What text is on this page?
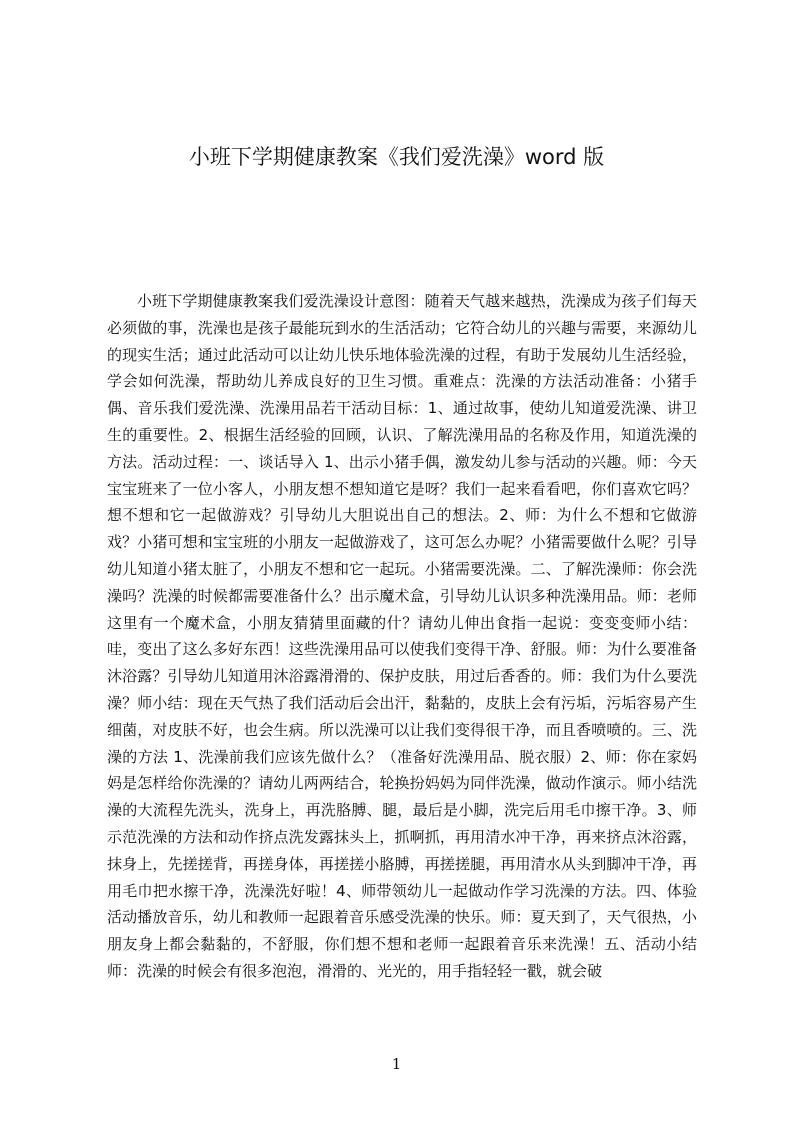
小班下学期健康教案《我们爱洗澡》word 版

小班下学期健康教案我们爱洗澡设计意图：随着天气越来越热，洗澡成为孩子们每天必须做的事，洗澡也是孩子最能玩到水的生活活动；它符合幼儿的兴趣与需要，来源幼儿的现实生活；通过此活动可以让幼儿快乐地体验洗澡的过程，有助于发展幼儿生活经验，学会如何洗澡，帮助幼儿养成良好的卫生习惯。重难点：洗澡的方法活动准备：小猪手偶、音乐我们爱洗澡、洗澡用品若干活动目标：1、通过故事，使幼儿知道爱洗澡、讲卫生的重要性。2、根据生活经验的回顾，认识、了解洗澡用品的名称及作用，知道洗澡的方法。活动过程：一、谈话导入 1、出示小猪手偶，激发幼儿参与活动的兴趣。师：今天宝宝班来了一位小客人，小朋友想不想知道它是呀？我们一起来看看吧，你们喜欢它吗？想不想和它一起做游戏？引导幼儿大胆说出自己的想法。2、师：为什么不想和它做游戏？小猪可想和宝宝班的小朋友一起做游戏了，这可怎么办呢？小猪需要做什么呢？引导幼儿知道小猪太脏了，小朋友不想和它一起玩。小猪需要洗澡。二、了解洗澡师：你会洗澡吗？洗澡的时候都需要准备什么？出示魔术盒，引导幼儿认识多种洗澡用品。师：老师这里有一个魔术盒，小朋友猜猜里面藏的什？请幼儿伸出食指一起说：变变变师小结：哇，变出了这么多好东西！这些洗澡用品可以使我们变得干净、舒服。师：为什么要准备沐浴露？引导幼儿知道用沐浴露滑滑的、保护皮肤，用过后香香的。师：我们为什么要洗澡？师小结：现在天气热了我们活动后会出汗，黏黏的，皮肤上会有污垢，污垢容易产生细菌，对皮肤不好，也会生病。所以洗澡可以让我们变得很干净，而且香喷喷的。三、洗澡的方法 1、洗澡前我们应该先做什么？（准备好洗澡用品、脱衣服）2、师：你在家妈妈是怎样给你洗澡的？请幼儿两两结合，轮换扮妈妈为同伴洗澡，做动作演示。师小结洗澡的大流程先洗头，洗身上，再洗胳膊、腿，最后是小脚，洗完后用毛巾擦干净。3、师示范洗澡的方法和动作挤点洗发露抹头上，抓啊抓，再用清水冲干净，再来挤点沐浴露，抹身上，先搓搓背，再搓身体，再搓搓小胳膊，再搓搓腿，再用清水从头到脚冲干净，再用毛巾把水擦干净，洗澡洗好啦！4、师带领幼儿一起做动作学习洗澡的方法。四、体验活动播放音乐，幼儿和教师一起跟着音乐感受洗澡的快乐。师：夏天到了，天气很热，小朋友身上都会黏黏的，不舒服，你们想不想和老师一起跟着音乐来洗澡！五、活动小结师：洗澡的时候会有很多泡泡，滑滑的、光光的，用手指轻轻一戳，就会破

1
